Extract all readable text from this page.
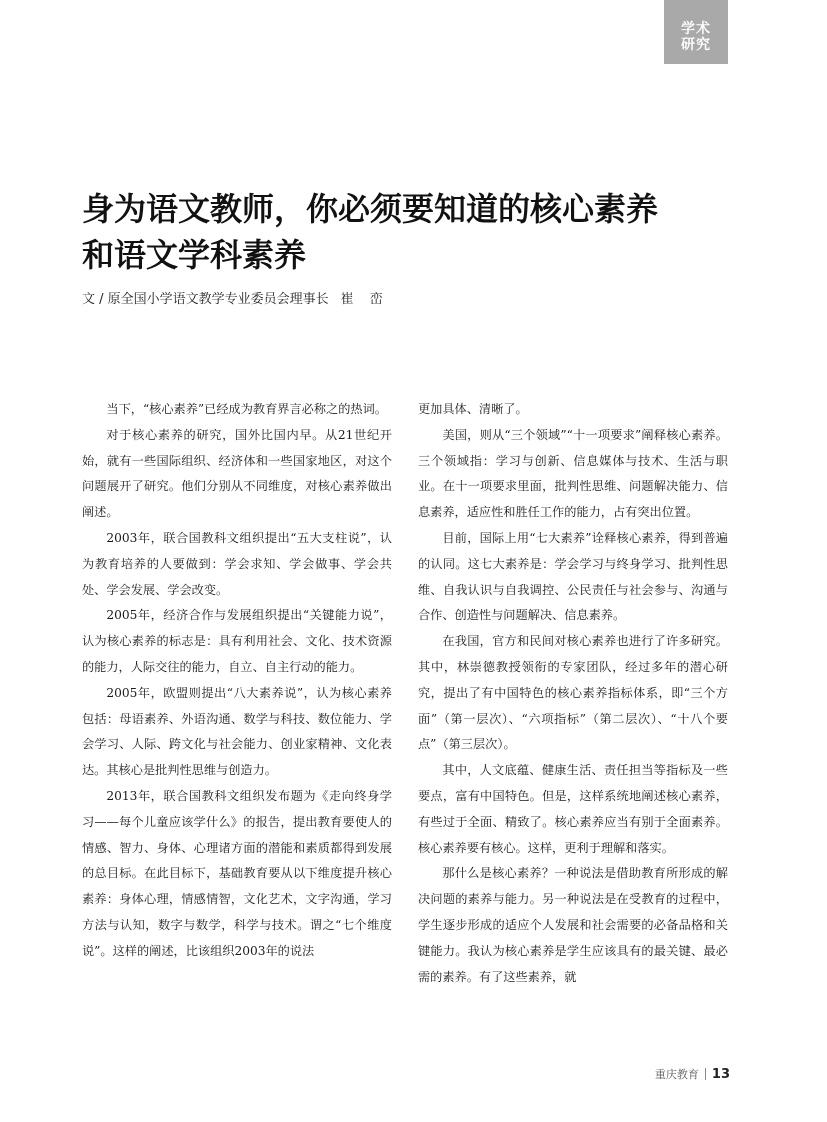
学术
研究
身为语文教师，你必须要知道的核心素养
和语文学科素养
文 / 原全国小学语文教学专业委员会理事长 崔 峦

当下，“核心素养”已经成为教育界言必称之的热词。

对于核心素养的研究，国外比国内早。从21世纪开始，就有一些国际组织、经济体和一些国家地区，对这个问题展开了研究。他们分别从不同维度，对核心素养做出阐述。

2003年，联合国教科文组织提出“五大支柱说”，认为教育培养的人要做到：学会求知、学会做事、学会共处、学会发展、学会改变。

2005年，经济合作与发展组织提出“关键能力说”，认为核心素养的标志是：具有利用社会、文化、技术资源的能力，人际交往的能力，自立、自主行动的能力。

2005年，欧盟则提出“八大素养说”，认为核心素养包括：母语素养、外语沟通、数学与科技、数位能力、学会学习、人际、跨文化与社会能力、创业家精神、文化表达。其核心是批判性思维与创造力。

2013年，联合国教科文组织发布题为《走向终身学习——每个儿童应该学什么》的报告，提出教育要使人的情感、智力、身体、心理诸方面的潜能和素质都得到发展的总目标。在此目标下，基础教育要从以下维度提升核心素养：身体心理，情感情智，文化艺术，文字沟通，学习方法与认知，数字与数学，科学与技术。谓之“七个维度说”。这样的阐述，比该组织2003年的说法

更加具体、清晰了。

美国，则从“三个领域”“十一项要求”阐释核心素养。三个领域指：学习与创新、信息媒体与技术、生活与职业。在十一项要求里面，批判性思维、问题解决能力、信息素养，适应性和胜任工作的能力，占有突出位置。

目前，国际上用“七大素养”诠释核心素养，得到普遍的认同。这七大素养是：学会学习与终身学习、批判性思维、自我认识与自我调控、公民责任与社会参与、沟通与合作、创造性与问题解决、信息素养。

在我国，官方和民间对核心素养也进行了许多研究。其中，林崇德教授领衔的专家团队，经过多年的潜心研究，提出了有中国特色的核心素养指标体系，即“三个方面”（第一层次）、“六项指标”（第二层次）、“十八个要点”（第三层次）。

其中，人文底蕴、健康生活、责任担当等指标及一些要点，富有中国特色。但是，这样系统地阐述核心素养，有些过于全面、精致了。核心素养应当有别于全面素养。核心素养要有核心。这样，更利于理解和落实。

那什么是核心素养？一种说法是借助教育所形成的解决问题的素养与能力。另一种说法是在受教育的过程中，学生逐步形成的适应个人发展和社会需要的必备品格和关键能力。我认为核心素养是学生应该具有的最关键、最必需的素养。有了这些素养，就

重庆教育 13
